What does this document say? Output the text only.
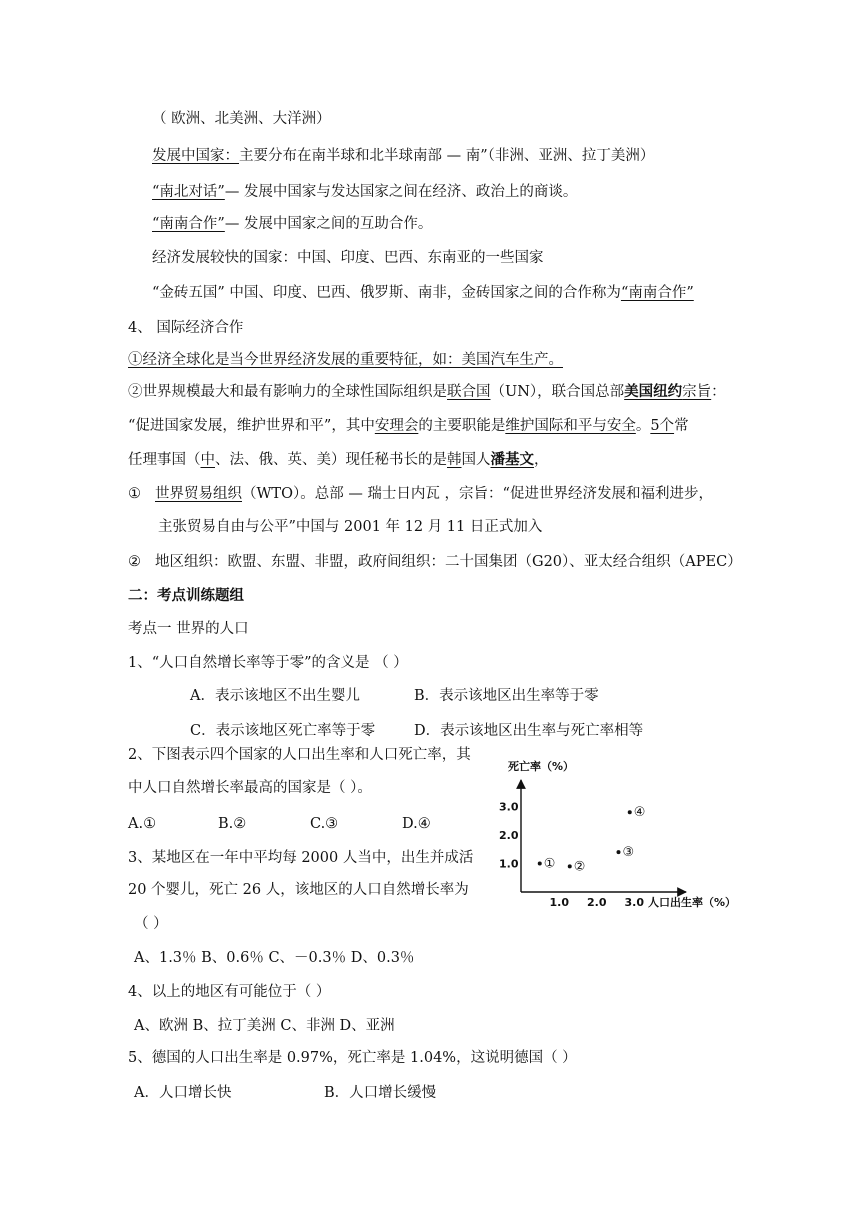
（ 欧洲、北美洲、大洋洲）
发展中国家：主要分布在南半球和北半球南部 — 南”（非洲、亚洲、拉丁美洲）
“南北对话”— 发展中国家与发达国家之间在经济、政治上的商谈。
“南南合作”— 发展中国家之间的互助合作。
经济发展较快的国家：中国、印度、巴西、东南亚的一些国家
“金砖五国” 中国、印度、巴西、俄罗斯、南非，金砖国家之间的合作称为“南南合作”
4、 国际经济合作
①经济全球化是当今世界经济发展的重要特征，如：美国汽车生产。
②世界规模最大和最有影响力的全球性国际组织是联合国（UN），联合国总部美国纽约宗旨：
“促进国家发展，维护世界和平”，其中安理会的主要职能是维护国际和平与安全。5个常
任理事国（中、法、俄、英、美）现任秘书长的是韩国人潘基文，
① 世界贸易组织（WTO）。总部 — 瑞士日内瓦 ，宗旨：“促进世界经济发展和福利进步，
主张贸易自由与公平”中国与 2001 年 12 月 11 日正式加入
② 地区组织：欧盟、东盟、非盟，政府间组织：二十国集团（G20）、亚太经合组织（APEC）
二：考点训练题组
考点一 世界的人口
1、“人口自然增长率等于零”的含义是 （ ）
A．表示该地区不出生婴儿	B．表示该地区出生率等于零
C．表示该地区死亡率等于零	D．表示该地区出生率与死亡率相等
2、下图表示四个国家的人口出生率和人口死亡率，其
中人口自然增长率最高的国家是（ ）。
A.①	B.②	C.③	D.④
3、某地区在一年中平均每 2000 人当中，出生并成活
20 个婴儿，死亡 26 人，该地区的人口自然增长率为
（ ）
A、1.3％ B、0.6％ C、－0.3％ D、0.3％
4、以上的地区有可能位于（ ）
A、欧洲 B、拉丁美洲 C、非洲 D、亚洲
5、德国的人口出生率是 0.97%，死亡率是 1.04%，这说明德国（ ）
A．人口增长快	B．人口增长缓慢
死亡率（%）
人口出生率（%）
1.0 2.0 3.0
1.0
2.0
3.0
① ②
③
④
